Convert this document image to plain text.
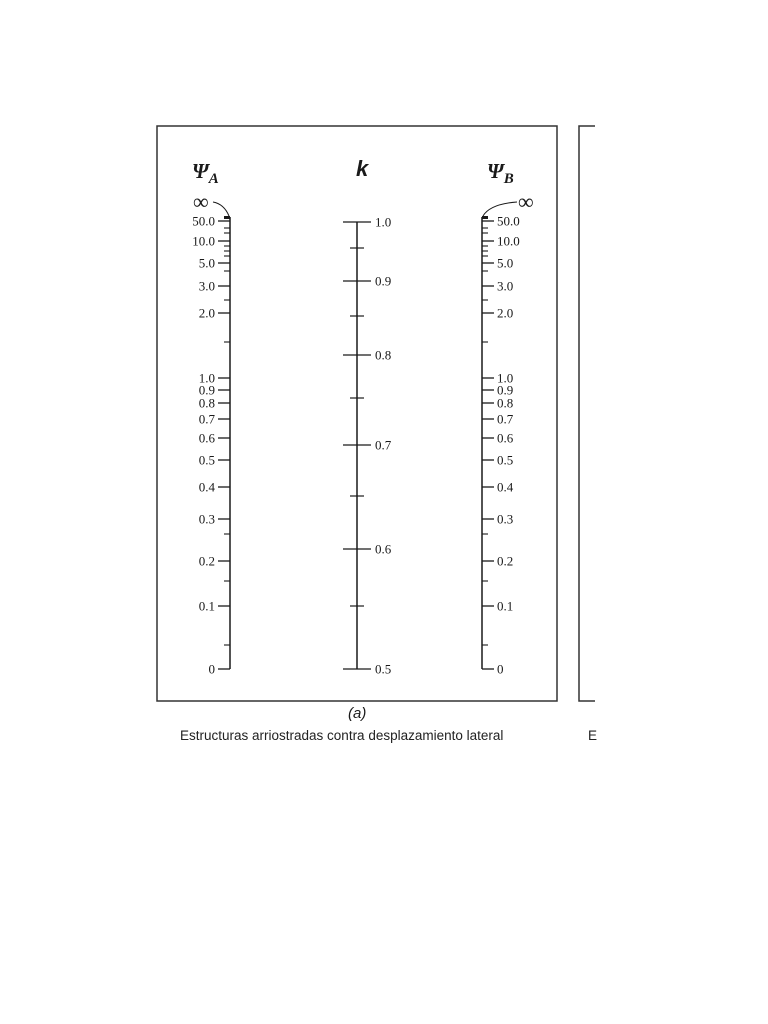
$\Psi_A$	k	$\Psi_B$
∞	∞
50.0
10.0
5.0
3.0
2.0
1.0
0.9
0.8
0.7
0.6
0.5
0.4
0.3
0.2
0.1
0
1.0
0.9
0.8
0.7
0.6
0.5
50.0
10.0
5.0
3.0
2.0
1.0
0.9
0.8
0.7
0.6
0.5
0.4
0.3
0.2
0.1
0
(a)
Estructuras arriostradas contra desplazamiento lateral	E
